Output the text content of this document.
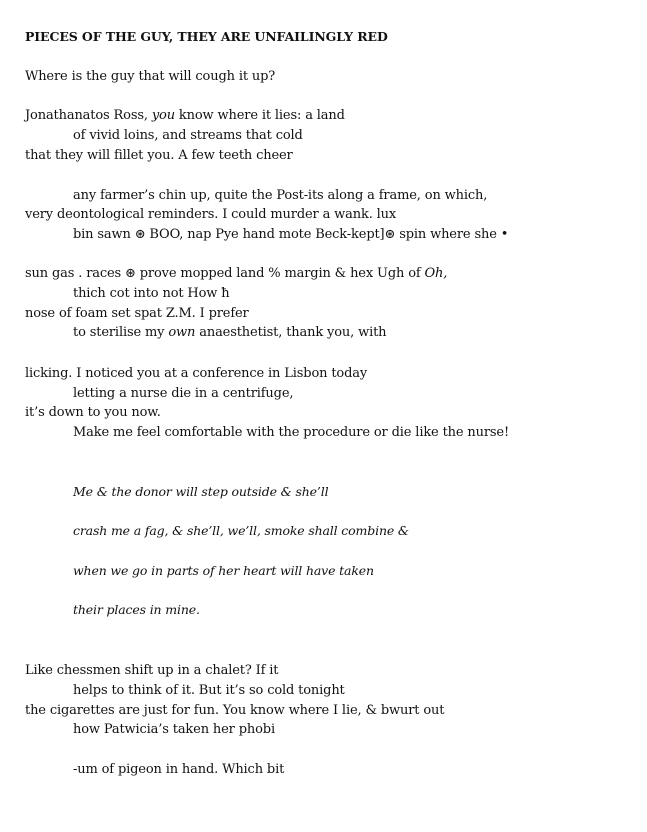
PIECES OF THE GUY, THEY ARE UNFAILINGLY RED
Where is the guy that will cough it up?
Jonathanatos Ross, you know where it lies: a land
of vivid loins, and streams that cold
that they will fillet you. A few teeth cheer
any farmer’s chin up, quite the Post-its along a frame, on which,
very deontological reminders. I could murder a wank. lux
bin sawn ⊛ BOO, nap Pye hand mote Beck-kept]⊛ spin where she •
sun gas . races ⊛ prove mopped land % margin & hex Ugh of Oh,
thich cot into not How ħ
nose of foam set spat Z.M. I prefer
to sterilise my own anaesthetist, thank you, with
licking. I noticed you at a conference in Lisbon today
letting a nurse die in a centrifuge,
it’s down to you now.
Make me feel comfortable with the procedure or die like the nurse!
Me & the donor will step outside & she’ll
crash me a fag, & she’ll, we’ll, smoke shall combine &
when we go in parts of her heart will have taken
their places in mine.
Like chessmen shift up in a chalet? If it
helps to think of it. But it’s so cold tonight
the cigarettes are just for fun. You know where I lie, & bwurt out
how Patwicia’s taken her phobi
-um of pigeon in hand. Which bit
